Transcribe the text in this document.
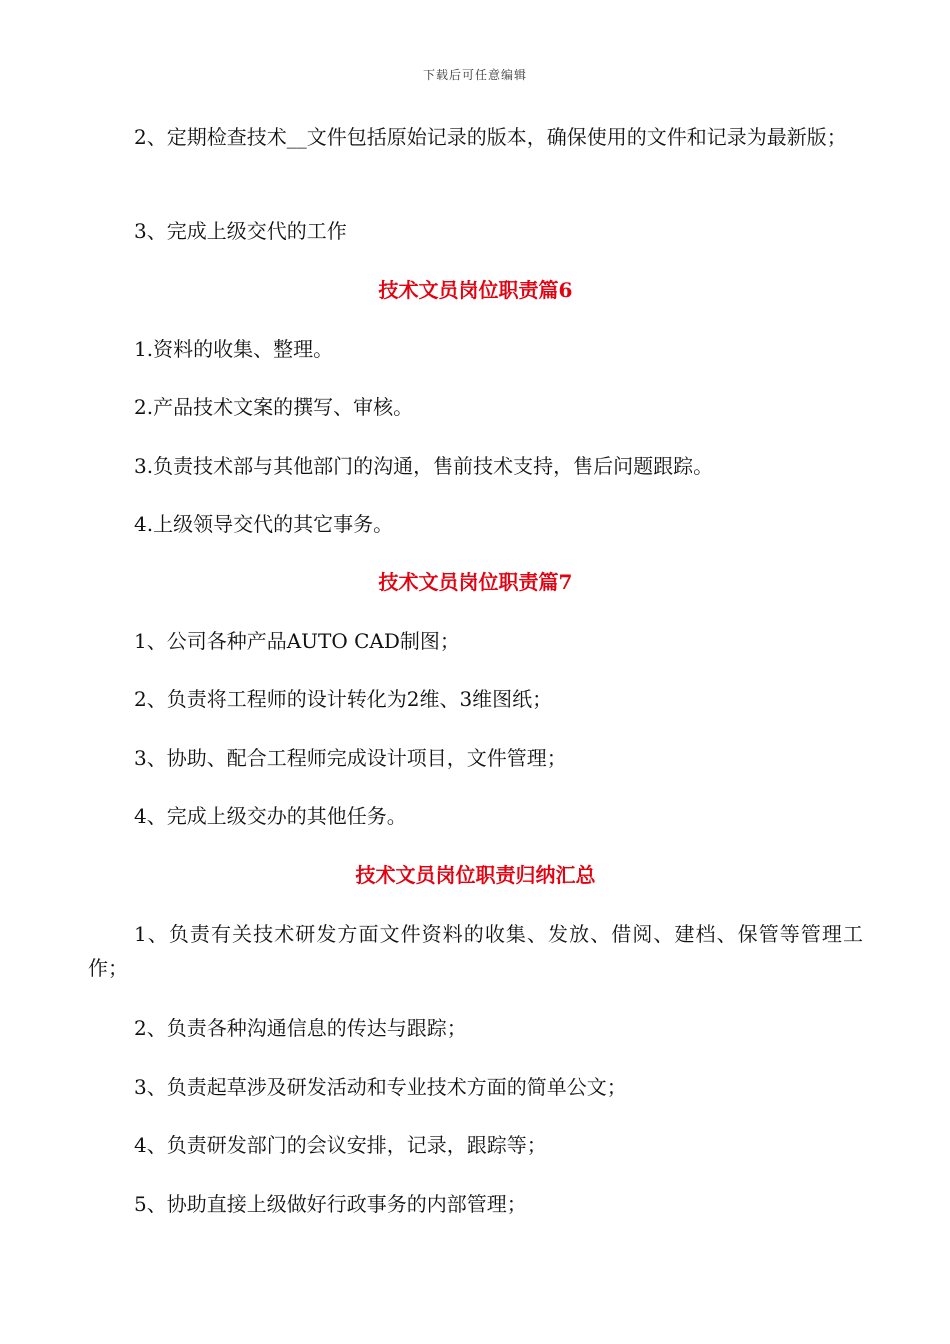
下载后可任意编辑

2、定期检查技术__文件包括原始记录的版本，确保使用的文件和记录为最新版；

3、完成上级交代的工作

技术文员岗位职责篇6

1.资料的收集、整理。

2.产品技术文案的撰写、审核。

3.负责技术部与其他部门的沟通，售前技术支持，售后问题跟踪。

4.上级领导交代的其它事务。

技术文员岗位职责篇7

1、公司各种产品AUTO CAD制图；

2、负责将工程师的设计转化为2维、3维图纸；

3、协助、配合工程师完成设计项目，文件管理；

4、完成上级交办的其他任务。

技术文员岗位职责归纳汇总

1、负责有关技术研发方面文件资料的收集、发放、借阅、建档、保管等管理工作；

2、负责各种沟通信息的传达与跟踪；

3、负责起草涉及研发活动和专业技术方面的简单公文；

4、负责研发部门的会议安排，记录，跟踪等；

5、协助直接上级做好行政事务的内部管理；
